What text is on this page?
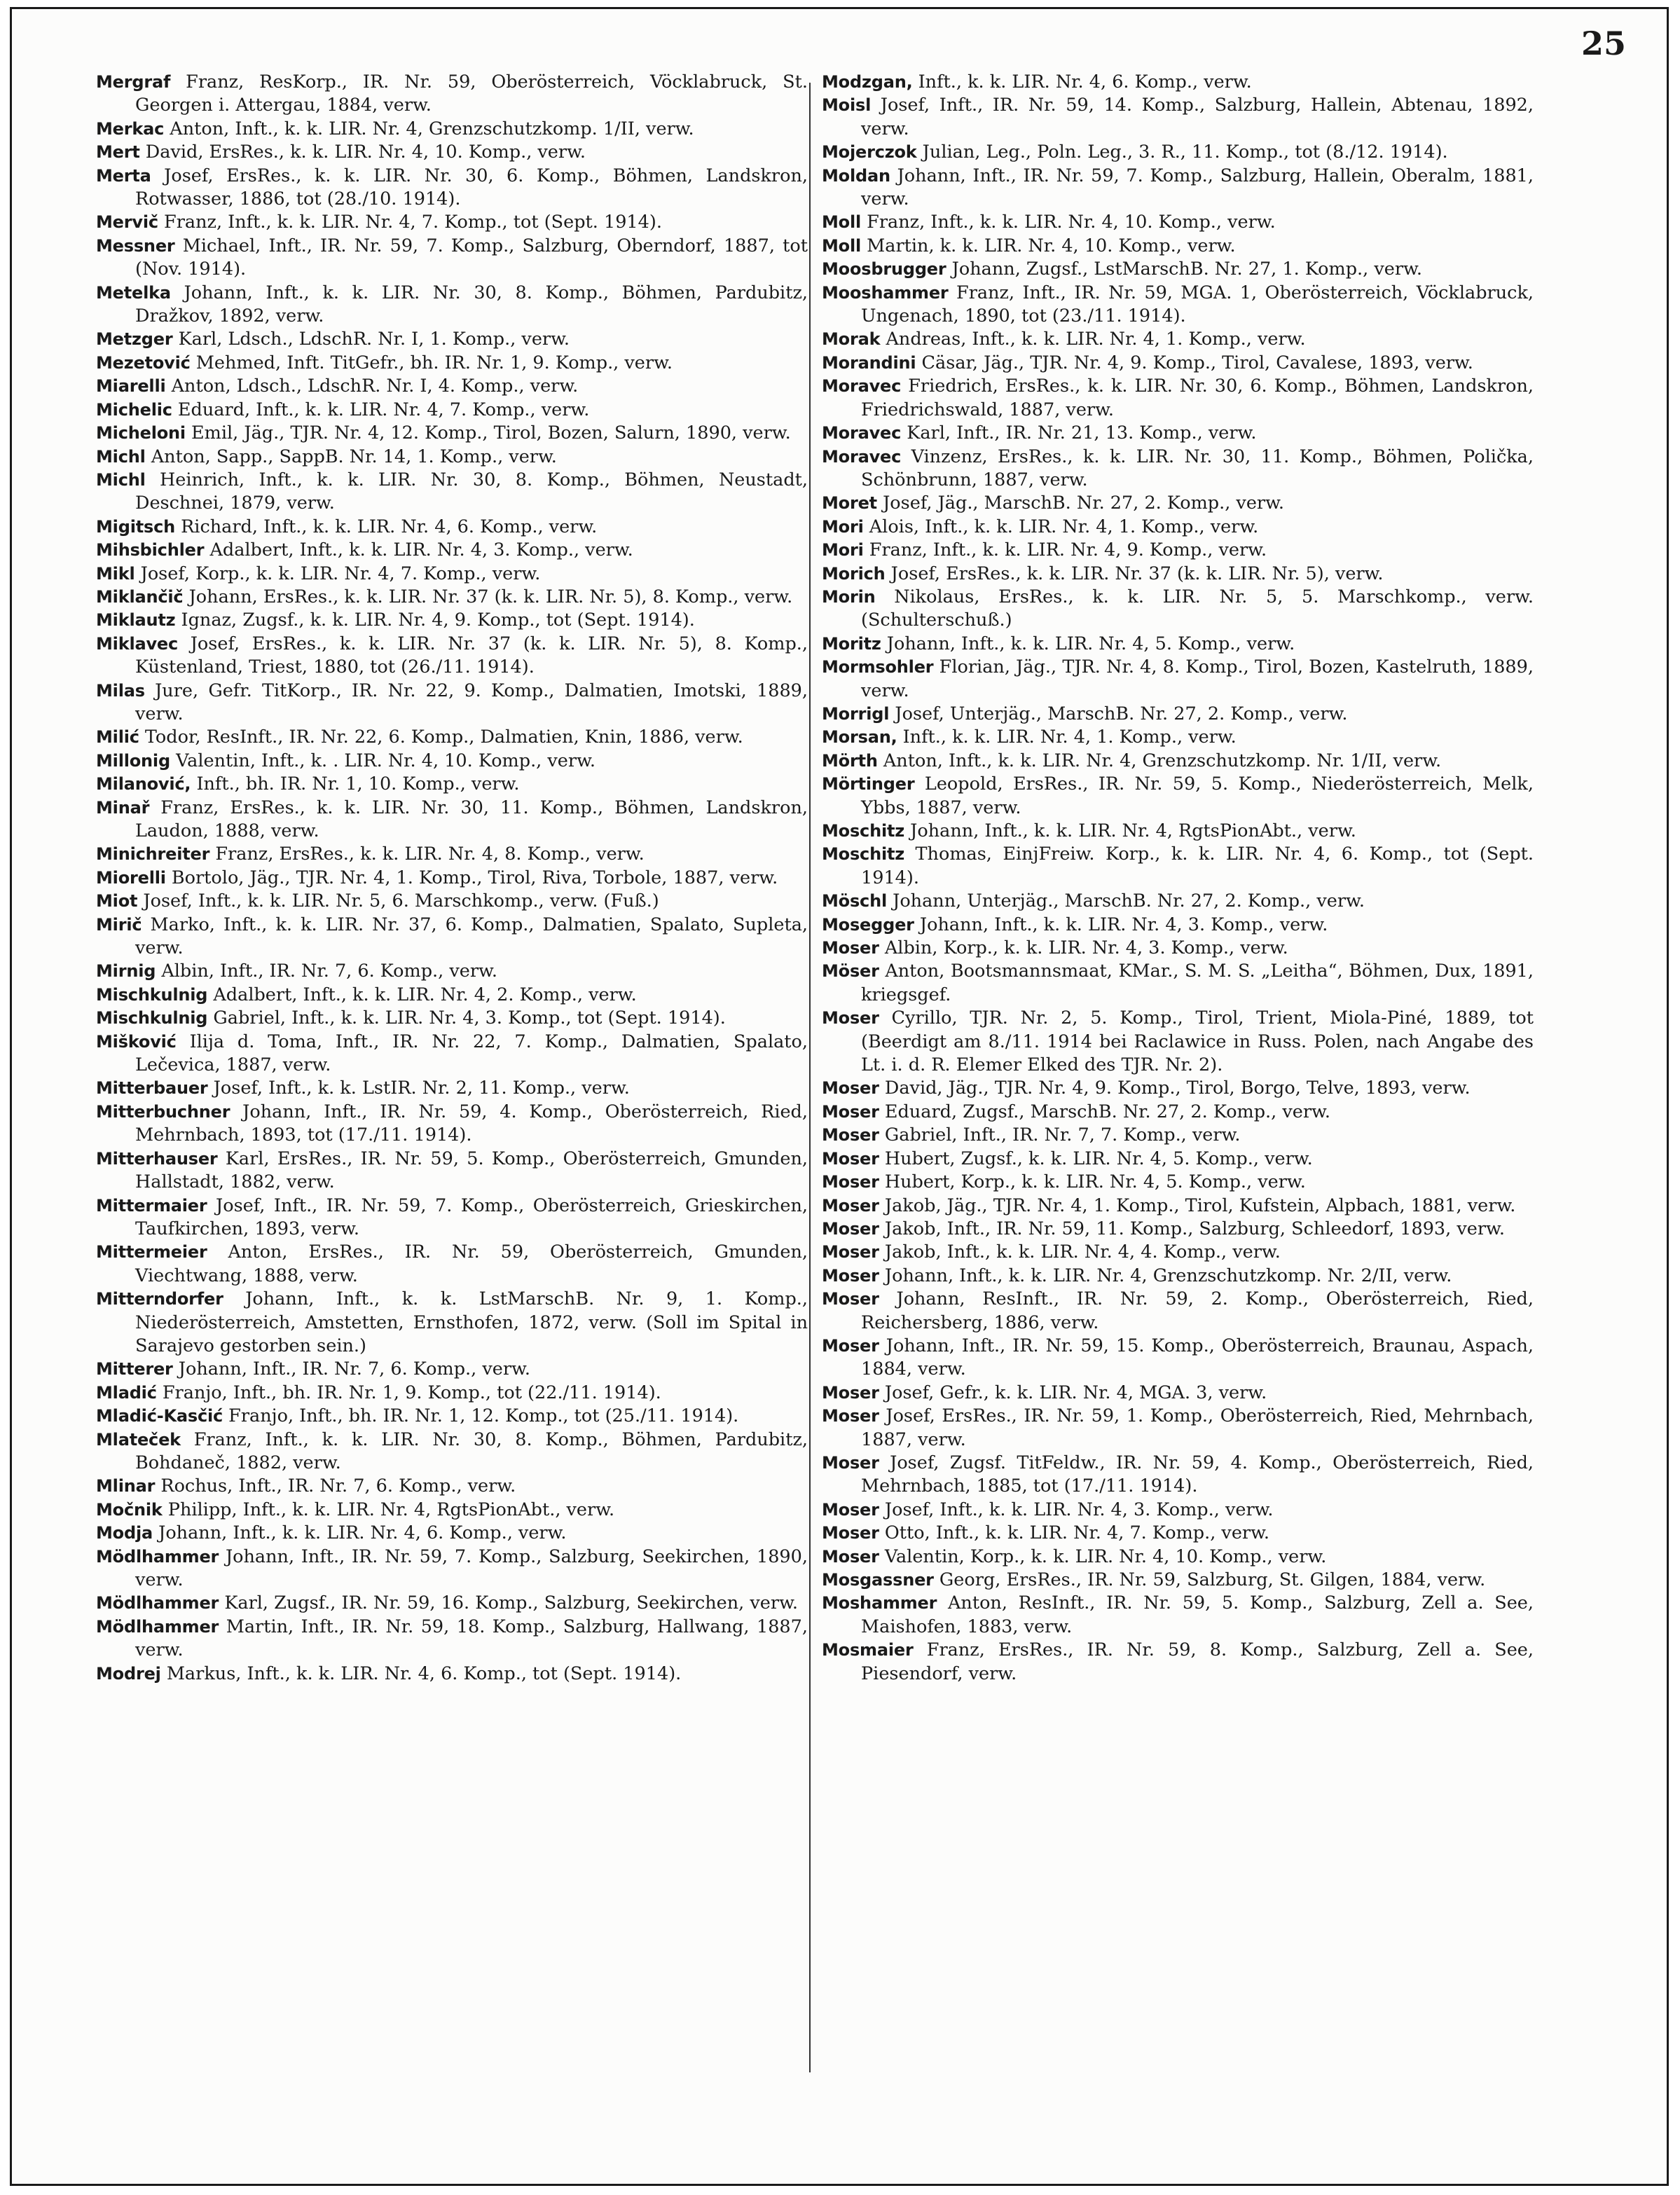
25
Mergraf Franz, ResKorp., IR. Nr. 59, Oberösterreich, Vöcklabruck, St. Georgen i. Attergau, 1884, verw.
Merkac Anton, Inft., k. k. LIR. Nr. 4, Grenzschutzkomp. 1/II, verw.
Mert David, ErsRes., k. k. LIR. Nr. 4, 10. Komp., verw.
Merta Josef, ErsRes., k. k. LIR. Nr. 30, 6. Komp., Böhmen, Landskron, Rotwasser, 1886, tot (28./10. 1914).
Mervič Franz, Inft., k. k. LIR. Nr. 4, 7. Komp., tot (Sept. 1914).
Messner Michael, Inft., IR. Nr. 59, 7. Komp., Salzburg, Oberndorf, 1887, tot (Nov. 1914).
Metelka Johann, Inft., k. k. LIR. Nr. 30, 8. Komp., Böhmen, Pardubitz, Dražkov, 1892, verw.
Metzger Karl, Ldsch., LdschR. Nr. I, 1. Komp., verw.
Mezetović Mehmed, Inft. TitGefr., bh. IR. Nr. 1, 9. Komp., verw.
Miarelli Anton, Ldsch., LdschR. Nr. I, 4. Komp., verw.
Michelic Eduard, Inft., k. k. LIR. Nr. 4, 7. Komp., verw.
Micheloni Emil, Jäg., TJR. Nr. 4, 12. Komp., Tirol, Bozen, Salurn, 1890, verw.
Michl Anton, Sapp., SappB. Nr. 14, 1. Komp., verw.
Michl Heinrich, Inft., k. k. LIR. Nr. 30, 8. Komp., Böhmen, Neustadt, Deschnei, 1879, verw.
Migitsch Richard, Inft., k. k. LIR. Nr. 4, 6. Komp., verw.
Mihsbichler Adalbert, Inft., k. k. LIR. Nr. 4, 3. Komp., verw.
Mikl Josef, Korp., k. k. LIR. Nr. 4, 7. Komp., verw.
Miklančič Johann, ErsRes., k. k. LIR. Nr. 37 (k. k. LIR. Nr. 5), 8. Komp., verw.
Miklautz Ignaz, Zugsf., k. k. LIR. Nr. 4, 9. Komp., tot (Sept. 1914).
Miklavec Josef, ErsRes., k. k. LIR. Nr. 37 (k. k. LIR. Nr. 5), 8. Komp., Küstenland, Triest, 1880, tot (26./11. 1914).
Milas Jure, Gefr. TitKorp., IR. Nr. 22, 9. Komp., Dalmatien, Imotski, 1889, verw.
Milić Todor, ResInft., IR. Nr. 22, 6. Komp., Dalmatien, Knin, 1886, verw.
Millonig Valentin, Inft., k. . LIR. Nr. 4, 10. Komp., verw.
Milanović, Inft., bh. IR. Nr. 1, 10. Komp., verw.
Minař Franz, ErsRes., k. k. LIR. Nr. 30, 11. Komp., Böhmen, Landskron, Laudon, 1888, verw.
Minichreiter Franz, ErsRes., k. k. LIR. Nr. 4, 8. Komp., verw.
Miorelli Bortolo, Jäg., TJR. Nr. 4, 1. Komp., Tirol, Riva, Torbole, 1887, verw.
Miot Josef, Inft., k. k. LIR. Nr. 5, 6. Marschkomp., verw. (Fuß.)
Mirič Marko, Inft., k. k. LIR. Nr. 37, 6. Komp., Dalmatien, Spalato, Supleta, verw.
Mirnig Albin, Inft., IR. Nr. 7, 6. Komp., verw.
Mischkulnig Adalbert, Inft., k. k. LIR. Nr. 4, 2. Komp., verw.
Mischkulnig Gabriel, Inft., k. k. LIR. Nr. 4, 3. Komp., tot (Sept. 1914).
Mišković Ilija d. Toma, Inft., IR. Nr. 22, 7. Komp., Dalmatien, Spalato, Lečevica, 1887, verw.
Mitterbauer Josef, Inft., k. k. LstIR. Nr. 2, 11. Komp., verw.
Mitterbuchner Johann, Inft., IR. Nr. 59, 4. Komp., Oberösterreich, Ried, Mehrnbach, 1893, tot (17./11. 1914).
Mitterhauser Karl, ErsRes., IR. Nr. 59, 5. Komp., Oberösterreich, Gmunden, Hallstadt, 1882, verw.
Mittermaier Josef, Inft., IR. Nr. 59, 7. Komp., Oberösterreich, Grieskirchen, Taufkirchen, 1893, verw.
Mittermeier Anton, ErsRes., IR. Nr. 59, Oberösterreich, Gmunden, Viechtwang, 1888, verw.
Mitterndorfer Johann, Inft., k. k. LstMarschB. Nr. 9, 1. Komp., Niederösterreich, Amstetten, Ernsthofen, 1872, verw. (Soll im Spital in Sarajevo gestorben sein.)
Mitterer Johann, Inft., IR. Nr. 7, 6. Komp., verw.
Mladić Franjo, Inft., bh. IR. Nr. 1, 9. Komp., tot (22./11. 1914).
Mladić-Kasčić Franjo, Inft., bh. IR. Nr. 1, 12. Komp., tot (25./11. 1914).
Mlateček Franz, Inft., k. k. LIR. Nr. 30, 8. Komp., Böhmen, Pardubitz, Bohdaneč, 1882, verw.
Mlinar Rochus, Inft., IR. Nr. 7, 6. Komp., verw.
Močnik Philipp, Inft., k. k. LIR. Nr. 4, RgtsPionAbt., verw.
Modja Johann, Inft., k. k. LIR. Nr. 4, 6. Komp., verw.
Mödlhammer Johann, Inft., IR. Nr. 59, 7. Komp., Salzburg, Seekirchen, 1890, verw.
Mödlhammer Karl, Zugsf., IR. Nr. 59, 16. Komp., Salzburg, Seekirchen, verw.
Mödlhammer Martin, Inft., IR. Nr. 59, 18. Komp., Salzburg, Hallwang, 1887, verw.
Modrej Markus, Inft., k. k. LIR. Nr. 4, 6. Komp., tot (Sept. 1914).
Modzgan, Inft., k. k. LIR. Nr. 4, 6. Komp., verw.
Moisl Josef, Inft., IR. Nr. 59, 14. Komp., Salzburg, Hallein, Abtenau, 1892, verw.
Mojerczok Julian, Leg., Poln. Leg., 3. R., 11. Komp., tot (8./12. 1914).
Moldan Johann, Inft., IR. Nr. 59, 7. Komp., Salzburg, Hallein, Oberalm, 1881, verw.
Moll Franz, Inft., k. k. LIR. Nr. 4, 10. Komp., verw.
Moll Martin, k. k. LIR. Nr. 4, 10. Komp., verw.
Moosbrugger Johann, Zugsf., LstMarschB. Nr. 27, 1. Komp., verw.
Mooshammer Franz, Inft., IR. Nr. 59, MGA. 1, Oberösterreich, Vöcklabruck, Ungenach, 1890, tot (23./11. 1914).
Morak Andreas, Inft., k. k. LIR. Nr. 4, 1. Komp., verw.
Morandini Cäsar, Jäg., TJR. Nr. 4, 9. Komp., Tirol, Cavalese, 1893, verw.
Moravec Friedrich, ErsRes., k. k. LIR. Nr. 30, 6. Komp., Böhmen, Landskron, Friedrichswald, 1887, verw.
Moravec Karl, Inft., IR. Nr. 21, 13. Komp., verw.
Moravec Vinzenz, ErsRes., k. k. LIR. Nr. 30, 11. Komp., Böhmen, Polička, Schönbrunn, 1887, verw.
Moret Josef, Jäg., MarschB. Nr. 27, 2. Komp., verw.
Mori Alois, Inft., k. k. LIR. Nr. 4, 1. Komp., verw.
Mori Franz, Inft., k. k. LIR. Nr. 4, 9. Komp., verw.
Morich Josef, ErsRes., k. k. LIR. Nr. 37 (k. k. LIR. Nr. 5), verw.
Morin Nikolaus, ErsRes., k. k. LIR. Nr. 5, 5. Marschkomp., verw. (Schulterschuß.)
Moritz Johann, Inft., k. k. LIR. Nr. 4, 5. Komp., verw.
Mormsohler Florian, Jäg., TJR. Nr. 4, 8. Komp., Tirol, Bozen, Kastelruth, 1889, verw.
Morrigl Josef, Unterjäg., MarschB. Nr. 27, 2. Komp., verw.
Morsan, Inft., k. k. LIR. Nr. 4, 1. Komp., verw.
Mörth Anton, Inft., k. k. LIR. Nr. 4, Grenzschutzkomp. Nr. 1/II, verw.
Mörtinger Leopold, ErsRes., IR. Nr. 59, 5. Komp., Niederösterreich, Melk, Ybbs, 1887, verw.
Moschitz Johann, Inft., k. k. LIR. Nr. 4, RgtsPionAbt., verw.
Moschitz Thomas, EinjFreiw. Korp., k. k. LIR. Nr. 4, 6. Komp., tot (Sept. 1914).
Möschl Johann, Unterjäg., MarschB. Nr. 27, 2. Komp., verw.
Mosegger Johann, Inft., k. k. LIR. Nr. 4, 3. Komp., verw.
Moser Albin, Korp., k. k. LIR. Nr. 4, 3. Komp., verw.
Möser Anton, Bootsmannsmaat, KMar., S. M. S. „Leitha“, Böhmen, Dux, 1891, kriegsgef.
Moser Cyrillo, TJR. Nr. 2, 5. Komp., Tirol, Trient, Miola-Piné, 1889, tot (Beerdigt am 8./11. 1914 bei Raclawice in Russ. Polen, nach Angabe des Lt. i. d. R. Elemer Elked des TJR. Nr. 2).
Moser David, Jäg., TJR. Nr. 4, 9. Komp., Tirol, Borgo, Telve, 1893, verw.
Moser Eduard, Zugsf., MarschB. Nr. 27, 2. Komp., verw.
Moser Gabriel, Inft., IR. Nr. 7, 7. Komp., verw.
Moser Hubert, Zugsf., k. k. LIR. Nr. 4, 5. Komp., verw.
Moser Hubert, Korp., k. k. LIR. Nr. 4, 5. Komp., verw.
Moser Jakob, Jäg., TJR. Nr. 4, 1. Komp., Tirol, Kufstein, Alpbach, 1881, verw.
Moser Jakob, Inft., IR. Nr. 59, 11. Komp., Salzburg, Schleedorf, 1893, verw.
Moser Jakob, Inft., k. k. LIR. Nr. 4, 4. Komp., verw.
Moser Johann, Inft., k. k. LIR. Nr. 4, Grenzschutzkomp. Nr. 2/II, verw.
Moser Johann, ResInft., IR. Nr. 59, 2. Komp., Oberösterreich, Ried, Reichersberg, 1886, verw.
Moser Johann, Inft., IR. Nr. 59, 15. Komp., Oberösterreich, Braunau, Aspach, 1884, verw.
Moser Josef, Gefr., k. k. LIR. Nr. 4, MGA. 3, verw.
Moser Josef, ErsRes., IR. Nr. 59, 1. Komp., Oberösterreich, Ried, Mehrnbach, 1887, verw.
Moser Josef, Zugsf. TitFeldw., IR. Nr. 59, 4. Komp., Oberösterreich, Ried, Mehrnbach, 1885, tot (17./11. 1914).
Moser Josef, Inft., k. k. LIR. Nr. 4, 3. Komp., verw.
Moser Otto, Inft., k. k. LIR. Nr. 4, 7. Komp., verw.
Moser Valentin, Korp., k. k. LIR. Nr. 4, 10. Komp., verw.
Mosgassner Georg, ErsRes., IR. Nr. 59, Salzburg, St. Gilgen, 1884, verw.
Moshammer Anton, ResInft., IR. Nr. 59, 5. Komp., Salzburg, Zell a. See, Maishofen, 1883, verw.
Mosmaier Franz, ErsRes., IR. Nr. 59, 8. Komp., Salzburg, Zell a. See, Piesendorf, verw.
